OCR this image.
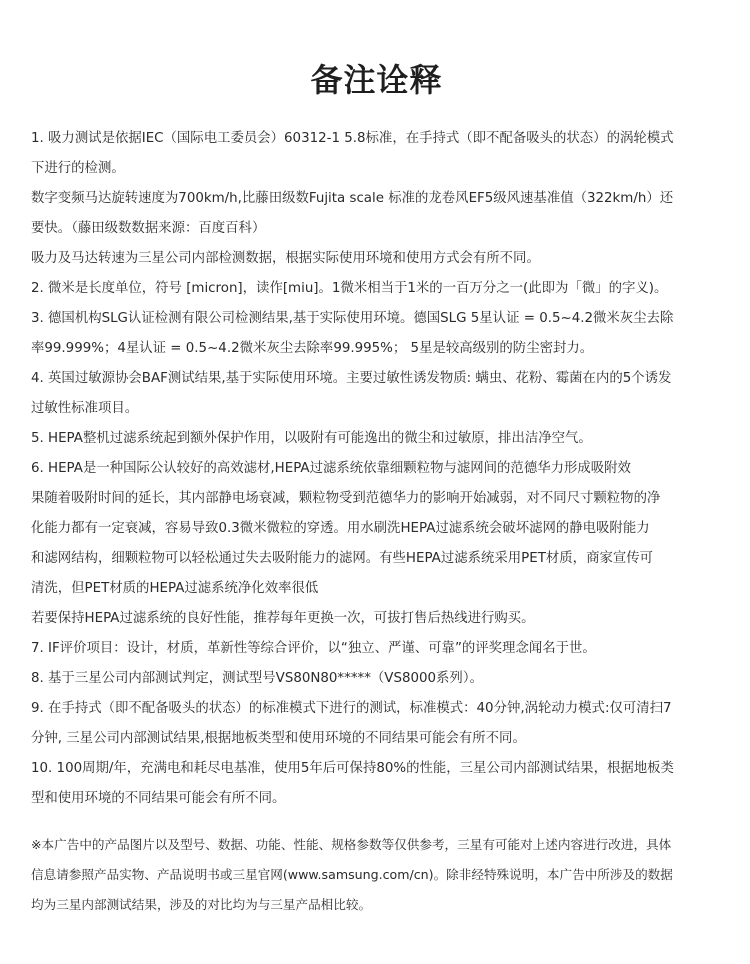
备注诠释
1. 吸力测试是依据IEC（国际电工委员会）60312-1 5.8标准，在手持式（即不配备吸头的状态）的涡轮模式
下进行的检测。
数字变频马达旋转速度为700km/h,比藤田级数Fujita scale 标准的龙卷风EF5级风速基准值（322km/h）还
要快。（藤田级数数据来源：百度百科）
吸力及马达转速为三星公司内部检测数据，根据实际使用环境和使用方式会有所不同。
2. 微米是长度单位，符号 [micron]，读作[miu]。1微米相当于1米的一百万分之一(此即为「微」的字义)。
3. 德国机构SLG认证检测有限公司检测结果,基于实际使用环境。德国SLG 5星认证 = 0.5~4.2微米灰尘去除
率99.999%；4星认证 = 0.5~4.2微米灰尘去除率99.995%； 5星是较高级别的防尘密封力。
4. 英国过敏源协会BAF测试结果,基于实际使用环境。主要过敏性诱发物质: 螨虫、花粉、霉菌在内的5个诱发
过敏性标准项目。
5. HEPA整机过滤系统起到额外保护作用，以吸附有可能逸出的微尘和过敏原，排出洁净空气。
6. HEPA是一种国际公认较好的高效滤材,HEPA过滤系统依靠细颗粒物与滤网间的范德华力形成吸附效
果随着吸附时间的延长，其内部静电场衰减，颗粒物受到范德华力的影响开始减弱，对不同尺寸颗粒物的净
化能力都有一定衰减，容易导致0.3微米微粒的穿透。用水刷洗HEPA过滤系统会破坏滤网的静电吸附能力
和滤网结构，细颗粒物可以轻松通过失去吸附能力的滤网。有些HEPA过滤系统采用PET材质，商家宣传可
清洗，但PET材质的HEPA过滤系统净化效率很低
若要保持HEPA过滤系统的良好性能，推荐每年更换一次，可拔打售后热线进行购买。
7. IF评价项目：设计，材质，革新性等综合评价，以“独立、严谨、可靠”的评奖理念闻名于世。
8. 基于三星公司内部测试判定，测试型号VS80N80*****（VS8000系列）。
9. 在手持式（即不配备吸头的状态）的标准模式下进行的测试，标准模式：40分钟,涡轮动力模式:仅可清扫7
分钟, 三星公司内部测试结果,根据地板类型和使用环境的不同结果可能会有所不同。
10. 100周期/年，充满电和耗尽电基准，使用5年后可保持80%的性能，三星公司内部测试结果，根据地板类
型和使用环境的不同结果可能会有所不同。
※本广告中的产品图片以及型号、数据、功能、性能、规格参数等仅供参考，三星有可能对上述内容进行改进，具体
信息请参照产品实物、产品说明书或三星官网(www.samsung.com/cn)。除非经特殊说明，本广告中所涉及的数据
均为三星内部测试结果，涉及的对比均为与三星产品相比较。
